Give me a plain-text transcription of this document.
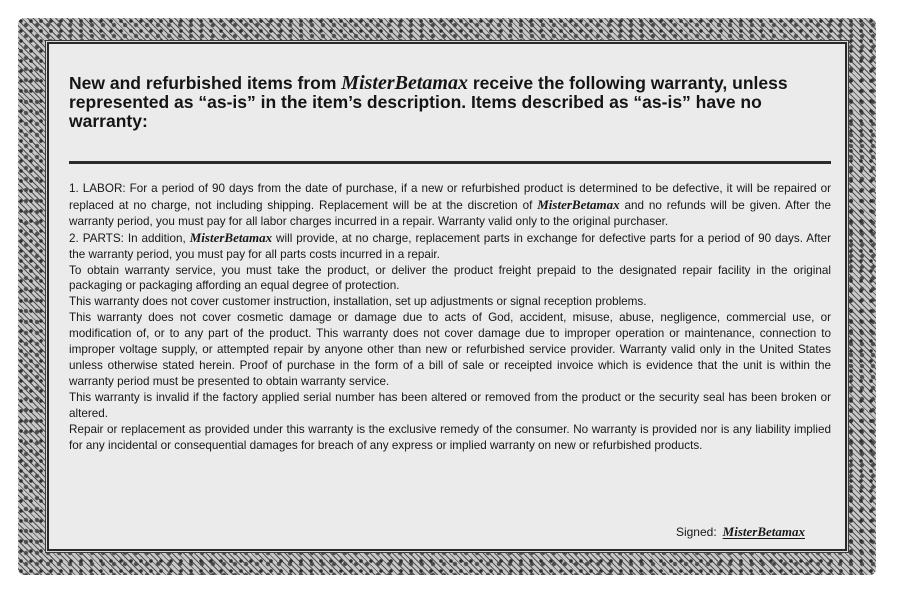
New and refurbished items from MisterBetamax receive the following warranty, unless represented as “as-is” in the item’s description. Items described as “as-is” have no warranty:

1. LABOR: For a period of 90 days from the date of purchase, if a new or refurbished product is determined to be defective, it will be repaired or replaced at no charge, not including shipping. Replacement will be at the discretion of MisterBetamax and no refunds will be given. After the warranty period, you must pay for all labor charges incurred in a repair. Warranty valid only to the original purchaser.

2. PARTS: In addition, MisterBetamax will provide, at no charge, replacement parts in exchange for defective parts for a period of 90 days. After the warranty period, you must pay for all parts costs incurred in a repair.

To obtain warranty service, you must take the product, or deliver the product freight prepaid to the designated repair facility in the original packaging or packaging affording an equal degree of protection.

This warranty does not cover customer instruction, installation, set up adjustments or signal reception problems.

This warranty does not cover cosmetic damage or damage due to acts of God, accident, misuse, abuse, negligence, commercial use, or modification of, or to any part of the product. This warranty does not cover damage due to improper operation or maintenance, connection to improper voltage supply, or attempted repair by anyone other than new or refurbished service provider. Warranty valid only in the United States unless otherwise stated herein. Proof of purchase in the form of a bill of sale or receipted invoice which is evidence that the unit is within the warranty period must be presented to obtain warranty service.

This warranty is invalid if the factory applied serial number has been altered or removed from the product or the security seal has been broken or altered.

Repair or replacement as provided under this warranty is the exclusive remedy of the consumer. No warranty is provided nor is any liability implied for any incidental or consequential damages for breach of any express or implied warranty on new or refurbished products.

Signed: MisterBetamax
